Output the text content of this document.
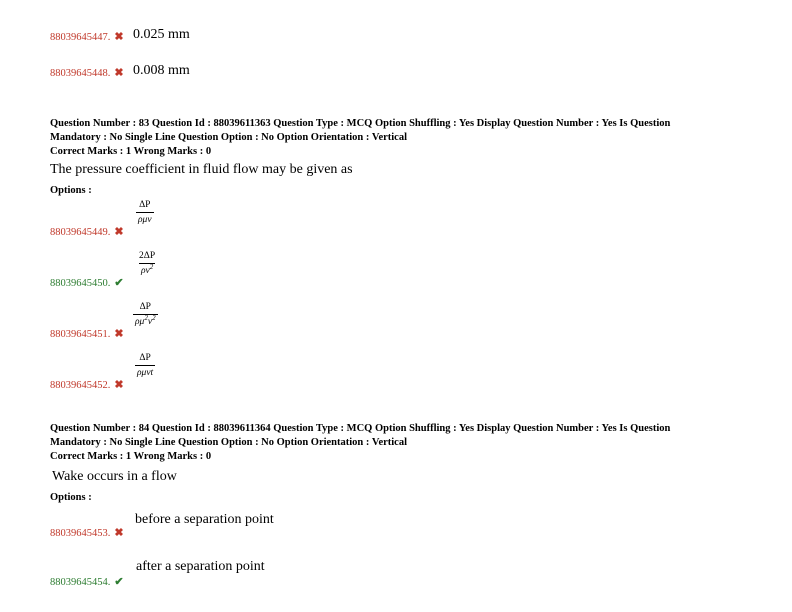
88039645447. ✖ 0.025 mm
88039645448. ✖ 0.008 mm
Question Number : 83 Question Id : 88039611363 Question Type : MCQ Option Shuffling : Yes Display Question Number : Yes Is Question
Mandatory : No Single Line Question Option : No Option Orientation : Vertical
Correct Marks : 1 Wrong Marks : 0
The pressure coefficient in fluid flow may be given as
Options :
88039645449. ✖
ΔP
ρμv
88039645450. ✔
$\frac{2\Delta P}{\rho v^2}$
88039645451. ✖
$\frac{\Delta P}{\rho\mu^2v^2}$
88039645452. ✖
ΔP
ρμvt
Question Number : 84 Question Id : 88039611364 Question Type : MCQ Option Shuffling : Yes Display Question Number : Yes Is Question
Mandatory : No Single Line Question Option : No Option Orientation : Vertical
Correct Marks : 1 Wrong Marks : 0
Wake occurs in a flow
Options :
88039645453. ✖
before a separation point
88039645454. ✔
after a separation point
